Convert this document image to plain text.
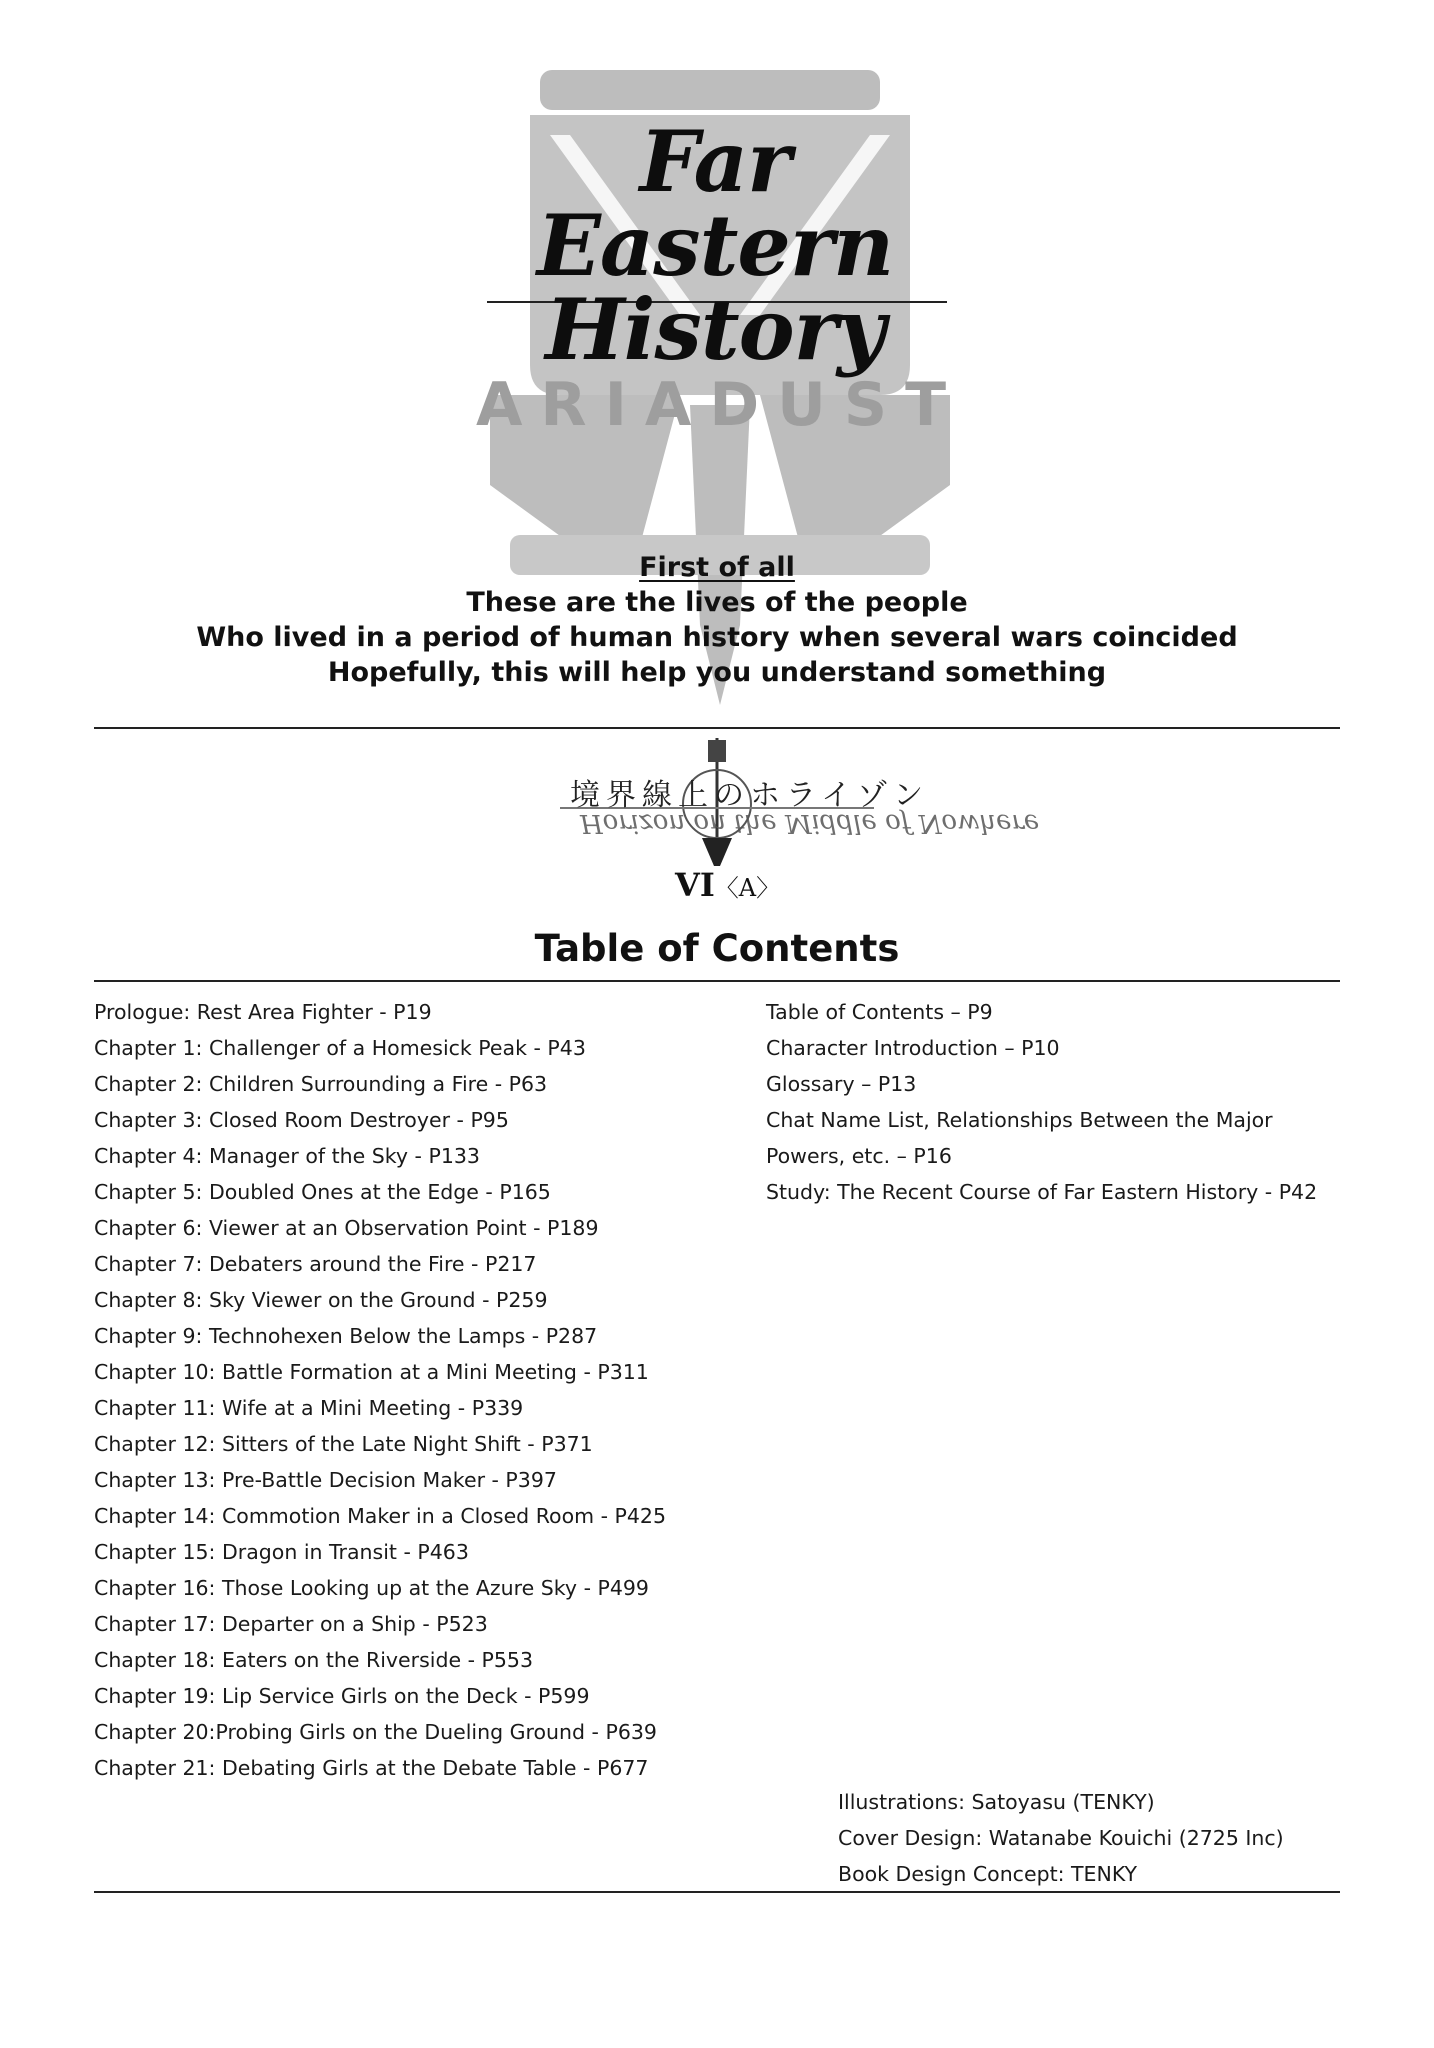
ARIADUST
Far Eastern
History
First of all
These are the lives of the people
Who lived in a period of human history when several wars coincided
Hopefully, this will help you understand something
境界線上のホライゾン
Horizon on the Middle of Nowhere
VI〈A〉
Table of Contents
Prologue: Rest Area Fighter - P19
Chapter 1: Challenger of a Homesick Peak - P43
Chapter 2: Children Surrounding a Fire - P63
Chapter 3: Closed Room Destroyer - P95
Chapter 4: Manager of the Sky - P133
Chapter 5: Doubled Ones at the Edge - P165
Chapter 6: Viewer at an Observation Point - P189
Chapter 7: Debaters around the Fire - P217
Chapter 8: Sky Viewer on the Ground - P259
Chapter 9: Technohexen Below the Lamps - P287
Chapter 10: Battle Formation at a Mini Meeting - P311
Chapter 11: Wife at a Mini Meeting - P339
Chapter 12: Sitters of the Late Night Shift - P371
Chapter 13: Pre-Battle Decision Maker - P397
Chapter 14: Commotion Maker in a Closed Room - P425
Chapter 15: Dragon in Transit - P463
Chapter 16: Those Looking up at the Azure Sky - P499
Chapter 17: Departer on a Ship - P523
Chapter 18: Eaters on the Riverside - P553
Chapter 19: Lip Service Girls on the Deck - P599
Chapter 20:Probing Girls on the Dueling Ground - P639
Chapter 21: Debating Girls at the Debate Table - P677
Table of Contents – P9
Character Introduction – P10
Glossary – P13
Chat Name List, Relationships Between the Major Powers, etc. – P16
Study: The Recent Course of Far Eastern History - P42
Illustrations: Satoyasu (TENKY)
Cover Design: Watanabe Kouichi (2725 Inc)
Book Design Concept: TENKY
